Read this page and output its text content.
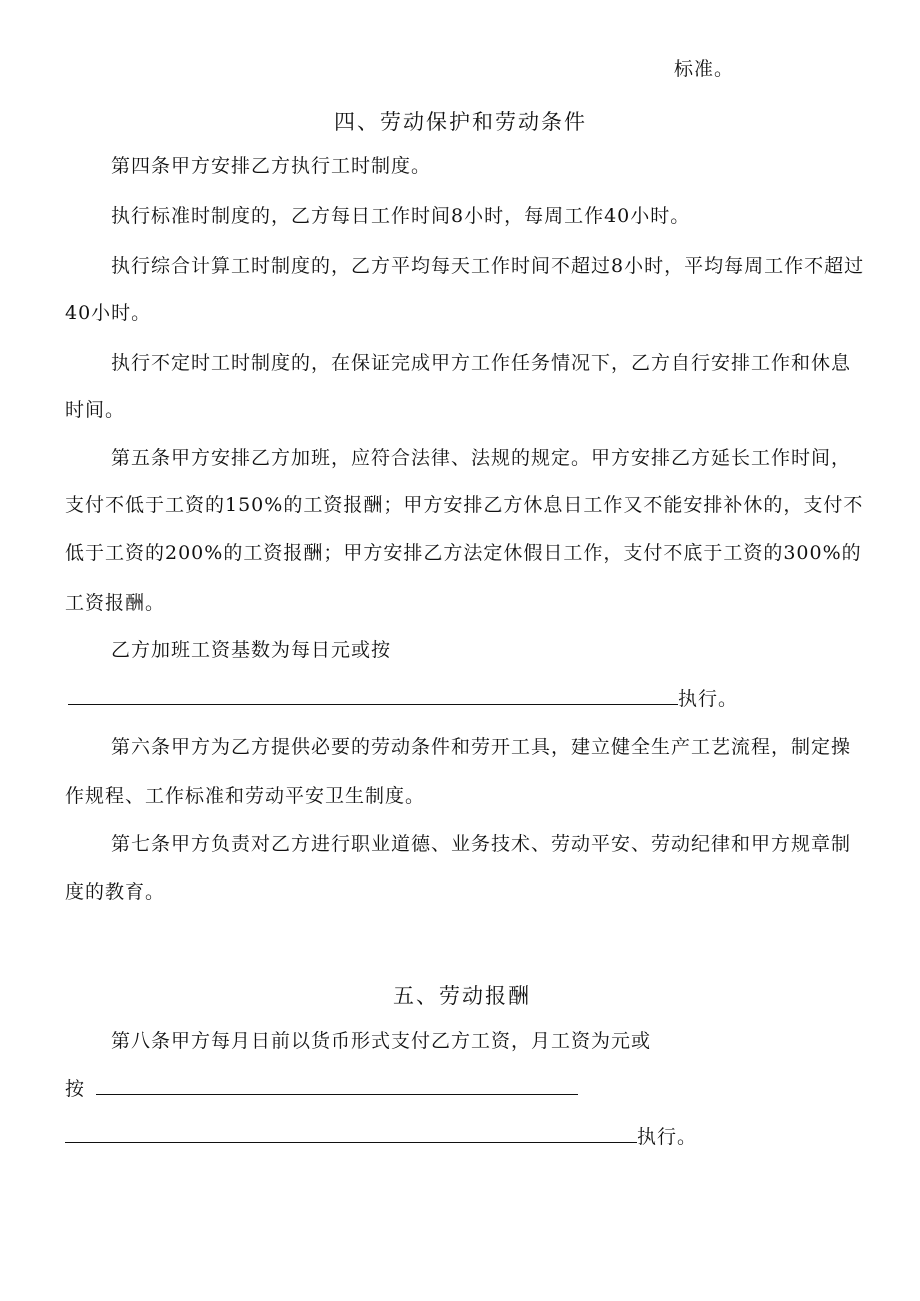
标准。
四、劳动保护和劳动条件
第四条甲方安排乙方执行工时制度。
执行标准时制度的，乙方每日工作时间8小时，每周工作40小时。
执行综合计算工时制度的，乙方平均每天工作时间不超过8小时，平均每周工作不超过
40小时。
执行不定时工时制度的，在保证完成甲方工作任务情况下，乙方自行安排工作和休息
时间。
第五条甲方安排乙方加班，应符合法律、法规的规定。甲方安排乙方延长工作时间，
支付不低于工资的150%的工资报酬；甲方安排乙方休息日工作又不能安排补休的，支付不
低于工资的200%的工资报酬；甲方安排乙方法定休假日工作，支付不底于工资的300%的
工资报酬。
乙方加班工资基数为每日元或按
执行。
第六条甲方为乙方提供必要的劳动条件和劳开工具，建立健全生产工艺流程，制定操
作规程、工作标准和劳动平安卫生制度。
第七条甲方负责对乙方进行职业道德、业务技术、劳动平安、劳动纪律和甲方规章制
度的教育。
五、劳动报酬
第八条甲方每月日前以货币形式支付乙方工资，月工资为元或
按
执行。
